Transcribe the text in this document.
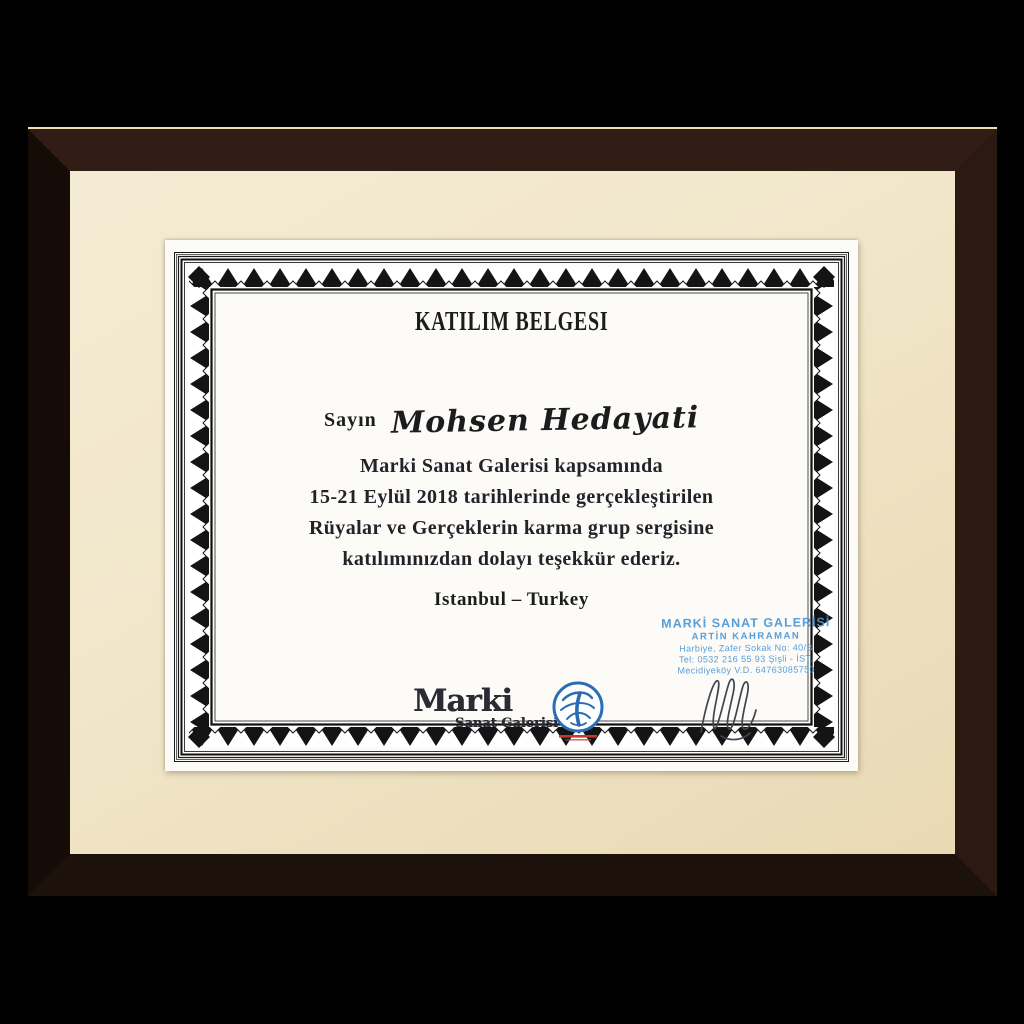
KATILIM BELGESI
Sayın Mohsen Hedayati
Marki Sanat Galerisi kapsamında
15-21 Eylül 2018 tarihlerinde gerçekleştirilen
Rüyalar ve Gerçeklerin karma grup sergisine
katılımınızdan dolayı teşekkür ederiz.
Istanbul – Turkey
MARKİ SANAT GALERİSİ
ARTİN KAHRAMAN
Harbiye, Zafer Sokak No: 40/B
Tel: 0532 216 55 93 Şişli - İST.
Mecidiyeköy V.D. 64763085750
Marki
Sanat Galerisi
